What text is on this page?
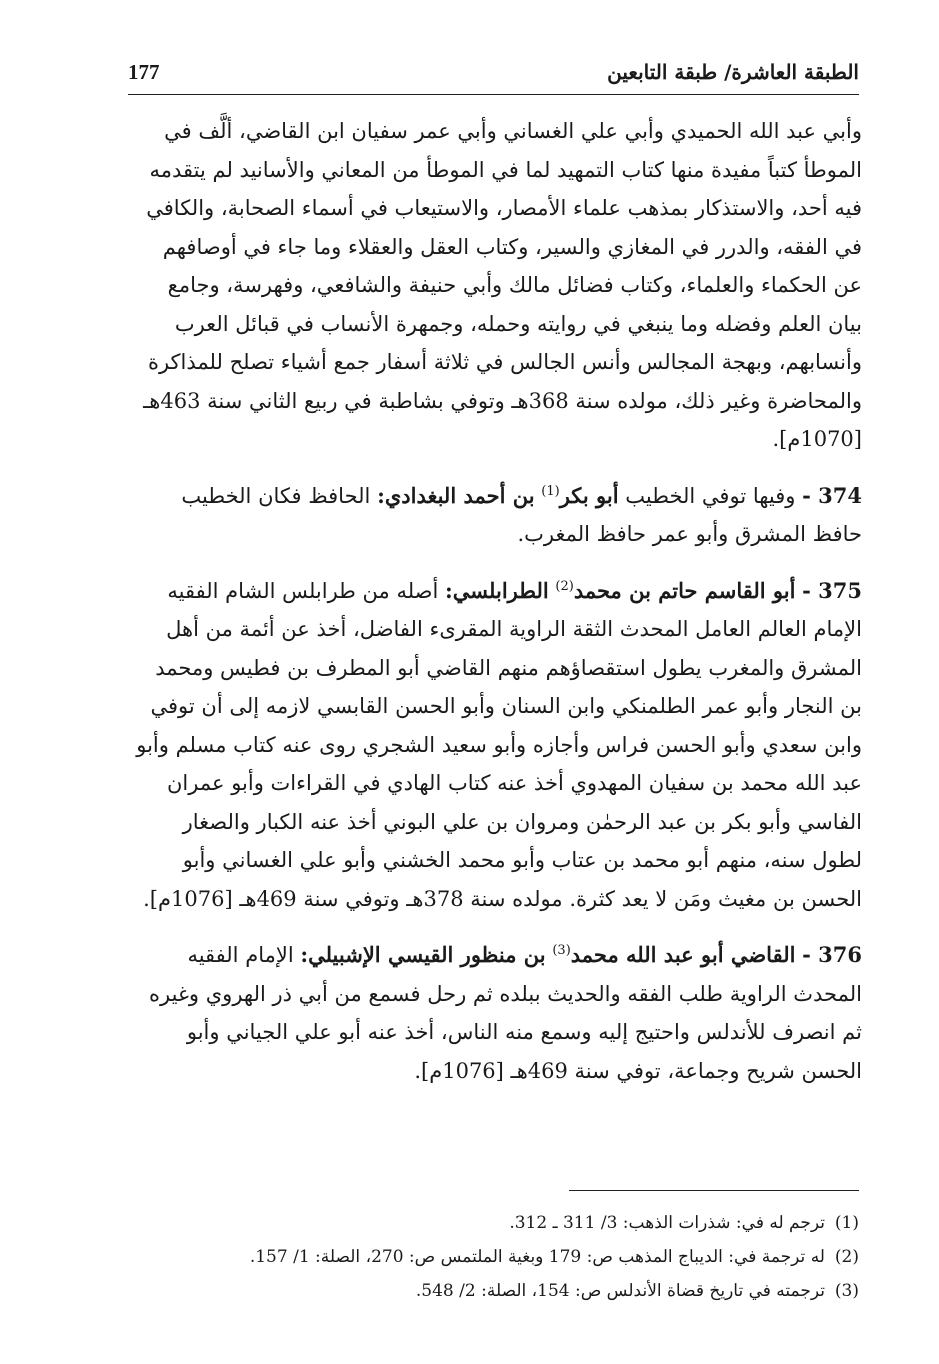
الطبقة العاشرة/ طبقة التابعين
177

وأبي عبد الله الحميدي وأبي علي الغساني وأبي عمر سفيان ابن القاضي، ألَّف في الموطأ كتباً مفيدة منها كتاب التمهيد لما في الموطأ من المعاني والأسانيد لم يتقدمه فيه أحد، والاستذكار بمذهب علماء الأمصار، والاستيعاب في أسماء الصحابة، والكافي في الفقه، والدرر في المغازي والسير، وكتاب العقل والعقلاء وما جاء في أوصافهم عن الحكماء والعلماء، وكتاب فضائل مالك وأبي حنيفة والشافعي، وفهرسة، وجامع بيان العلم وفضله وما ينبغي في روايته وحمله، وجمهرة الأنساب في قبائل العرب وأنسابهم، وبهجة المجالس وأنس الجالس في ثلاثة أسفار جمع أشياء تصلح للمذاكرة والمحاضرة وغير ذلك، مولده سنة 368هـ وتوفي بشاطبة في ربيع الثاني سنة 463هـ [1070م].

374 - وفيها توفي الخطيب أبو بكر$^{(1)}$ بن أحمد البغدادي: الحافظ فكان الخطيب حافظ المشرق وأبو عمر حافظ المغرب.

375 - أبو القاسم حاتم بن محمد$^{(2)}$ الطرابلسي: أصله من طرابلس الشام الفقيه الإمام العالم العامل المحدث الثقة الراوية المقرىء الفاضل، أخذ عن أئمة من أهل المشرق والمغرب يطول استقصاؤهم منهم القاضي أبو المطرف بن فطيس ومحمد بن النجار وأبو عمر الطلمنكي وابن السنان وأبو الحسن القابسي لازمه إلى أن توفي وابن سعدي وأبو الحسن فراس وأجازه وأبو سعيد الشجري روى عنه كتاب مسلم وأبو عبد الله محمد بن سفيان المهدوي أخذ عنه كتاب الهادي في القراءات وأبو عمران الفاسي وأبو بكر بن عبد الرحمٰن ومروان بن علي البوني أخذ عنه الكبار والصغار لطول سنه، منهم أبو محمد بن عتاب وأبو محمد الخشني وأبو علي الغساني وأبو الحسن بن مغيث ومَن لا يعد كثرة. مولده سنة 378هـ وتوفي سنة 469هـ [1076م].

376 - القاضي أبو عبد الله محمد$^{(3)}$ بن منظور القيسي الإشبيلي: الإمام الفقيه المحدث الراوية طلب الفقه والحديث ببلده ثم رحل فسمع من أبي ذر الهروي وغيره ثم انصرف للأندلس واحتيج إليه وسمع منه الناس، أخذ عنه أبو علي الجياني وأبو الحسن شريح وجماعة، توفي سنة 469هـ [1076م].

(1)ترجم له في: شذرات الذهب: 3/ 311 ـ 312.
(2)له ترجمة في: الديباج المذهب ص: 179 وبغية الملتمس ص: 270، الصلة: 1/ 157.
(3)ترجمته في تاريخ قضاة الأندلس ص: 154، الصلة: 2/ 548.
